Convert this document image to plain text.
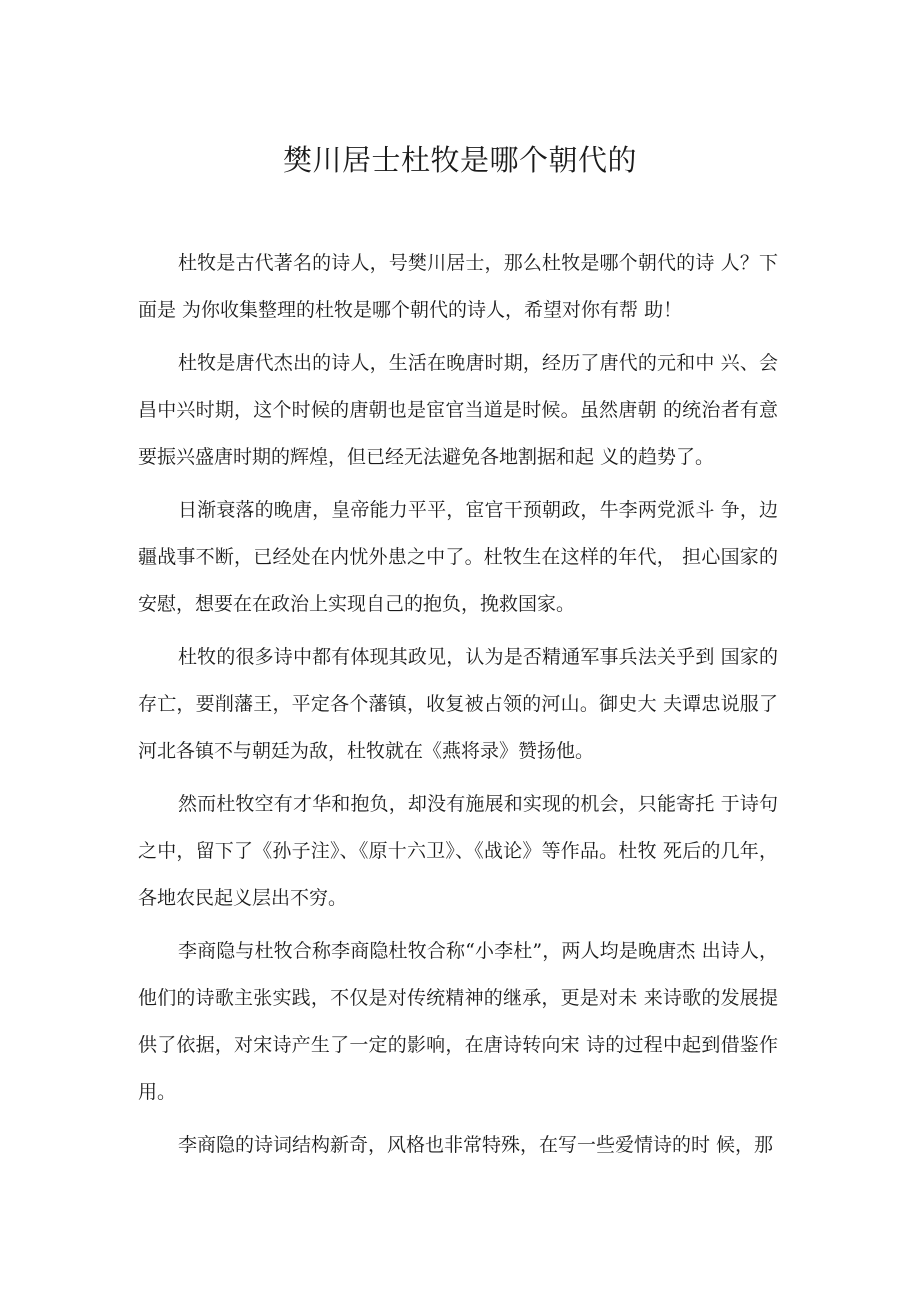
樊川居士杜牧是哪个朝代的

杜牧是古代著名的诗人，号樊川居士，那么杜牧是哪个朝代的诗 人？下面是 为你收集整理的杜牧是哪个朝代的诗人，希望对你有帮 助！

杜牧是唐代杰出的诗人，生活在晚唐时期，经历了唐代的元和中 兴、会昌中兴时期，这个时候的唐朝也是宦官当道是时候。虽然唐朝 的统治者有意要振兴盛唐时期的辉煌，但已经无法避免各地割据和起 义的趋势了。

日渐衰落的晚唐，皇帝能力平平，宦官干预朝政，牛李两党派斗 争，边疆战事不断，已经处在内忧外患之中了。杜牧生在这样的年代， 担心国家的安慰，想要在在政治上实现自己的抱负，挽救国家。

杜牧的很多诗中都有体现其政见，认为是否精通军事兵法关乎到 国家的存亡，要削藩王，平定各个藩镇，收复被占领的河山。御史大 夫谭忠说服了河北各镇不与朝廷为敌，杜牧就在《燕将录》赞扬他。

然而杜牧空有才华和抱负，却没有施展和实现的机会，只能寄托 于诗句之中，留下了《孙子注》、《原十六卫》、《战论》等作品。杜牧 死后的几年，各地农民起义层出不穷。

李商隐与杜牧合称李商隐杜牧合称“小李杜”，两人均是晚唐杰 出诗人，他们的诗歌主张实践，不仅是对传统精神的继承，更是对未 来诗歌的发展提供了依据，对宋诗产生了一定的影响，在唐诗转向宋 诗的过程中起到借鉴作用。

李商隐的诗词结构新奇，风格也非常特殊，在写一些爱情诗的时 候，那
